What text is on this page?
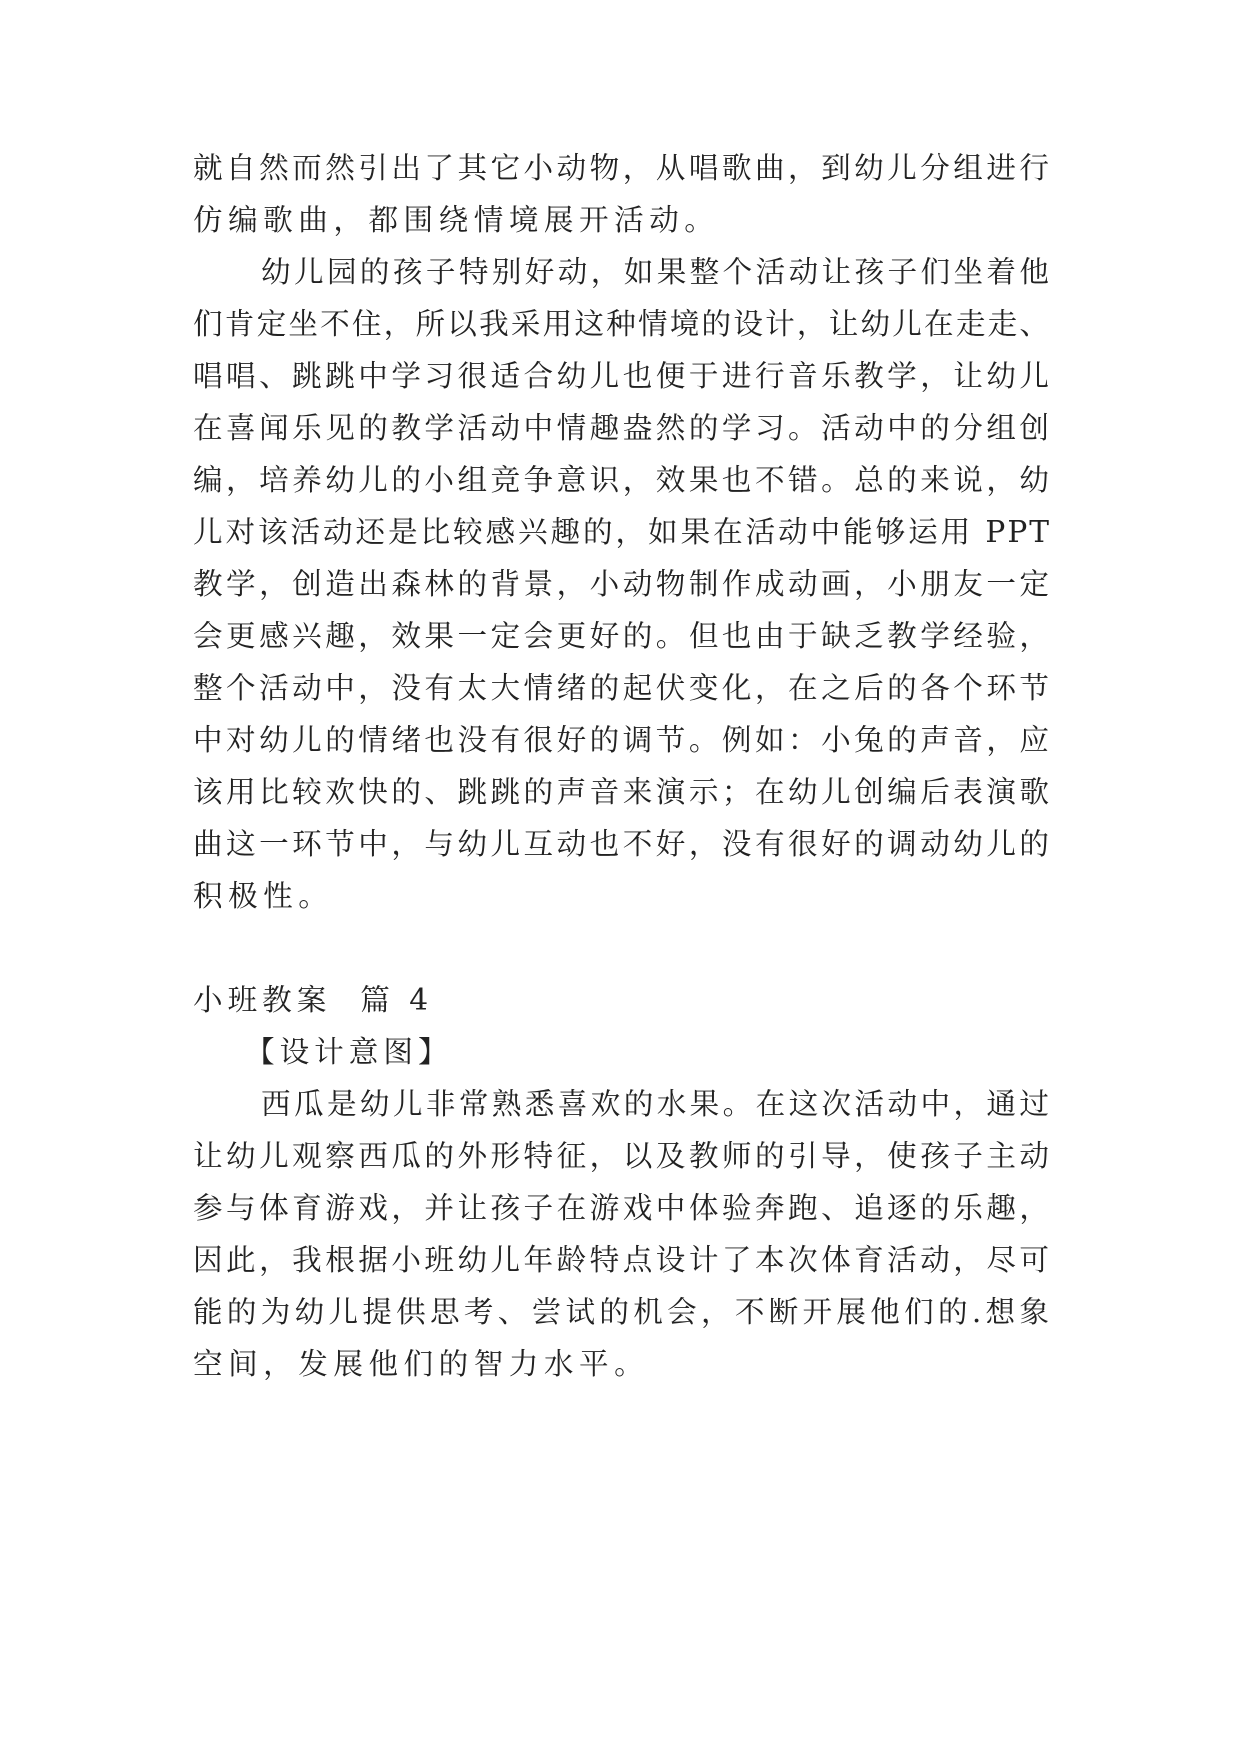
就自然而然引出了其它小动物，从唱歌曲，到幼儿分组进行
仿编歌曲，都围绕情境展开活动。
幼儿园的孩子特别好动，如果整个活动让孩子们坐着他
们肯定坐不住，所以我采用这种情境的设计，让幼儿在走走、
唱唱、跳跳中学习很适合幼儿也便于进行音乐教学，让幼儿
在喜闻乐见的教学活动中情趣盎然的学习。活动中的分组创
编，培养幼儿的小组竞争意识，效果也不错。总的来说，幼
儿对该活动还是比较感兴趣的，如果在活动中能够运用 PPT
教学，创造出森林的背景，小动物制作成动画，小朋友一定
会更感兴趣，效果一定会更好的。但也由于缺乏教学经验，
整个活动中，没有太大情绪的起伏变化，在之后的各个环节
中对幼儿的情绪也没有很好的调节。例如：小兔的声音，应
该用比较欢快的、跳跳的声音来演示；在幼儿创编后表演歌
曲这一环节中，与幼儿互动也不好，没有很好的调动幼儿的
积极性。
小班教案  篇 4
【设计意图】
西瓜是幼儿非常熟悉喜欢的水果。在这次活动中，通过
让幼儿观察西瓜的外形特征，以及教师的引导，使孩子主动
参与体育游戏，并让孩子在游戏中体验奔跑、追逐的乐趣，
因此，我根据小班幼儿年龄特点设计了本次体育活动，尽可
能的为幼儿提供思考、尝试的机会，不断开展他们的.想象
空间，发展他们的智力水平。
